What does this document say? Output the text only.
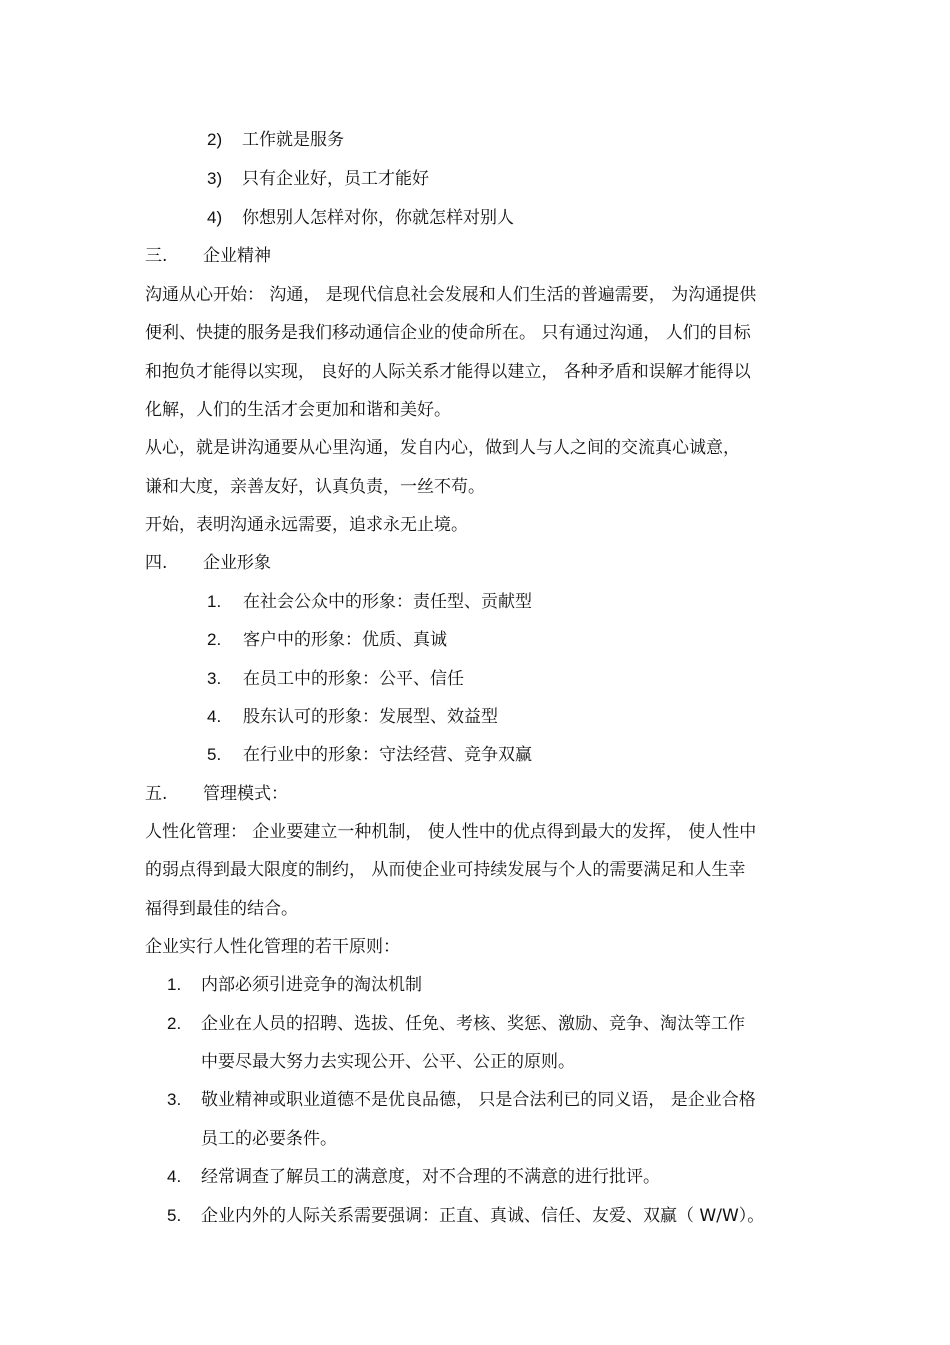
2) 工作就是服务
3) 只有企业好，员工才能好
4) 你想别人怎样对你，你就怎样对别人
三. 企业精神
沟通从心开始： 沟通， 是现代信息社会发展和人们生活的普遍需要， 为沟通提供
便利、快捷的服务是我们移动通信企业的使命所在。 只有通过沟通， 人们的目标
和抱负才能得以实现， 良好的人际关系才能得以建立， 各种矛盾和误解才能得以
化解，人们的生活才会更加和谐和美好。
从心，就是讲沟通要从心里沟通，发自内心，做到人与人之间的交流真心诚意，
谦和大度，亲善友好，认真负责，一丝不苟。
开始，表明沟通永远需要，追求永无止境。
四. 企业形象
1. 在社会公众中的形象：责任型、贡献型
2. 客户中的形象：优质、真诚
3. 在员工中的形象：公平、信任
4. 股东认可的形象：发展型、效益型
5. 在行业中的形象：守法经营、竞争双赢
五. 管理模式：
人性化管理： 企业要建立一种机制， 使人性中的优点得到最大的发挥， 使人性中
的弱点得到最大限度的制约， 从而使企业可持续发展与个人的需要满足和人生幸
福得到最佳的结合。
企业实行人性化管理的若干原则：
1. 内部必须引进竞争的淘汰机制
2. 企业在人员的招聘、选拔、任免、考核、奖惩、激励、竞争、淘汰等工作
中要尽最大努力去实现公开、公平、公正的原则。
3. 敬业精神或职业道德不是优良品德， 只是合法利已的同义语， 是企业合格
员工的必要条件。
4. 经常调查了解员工的满意度，对不合理的不满意的进行批评。
5. 企业内外的人际关系需要强调：正直、真诚、信任、友爱、双赢（ W/W）。
